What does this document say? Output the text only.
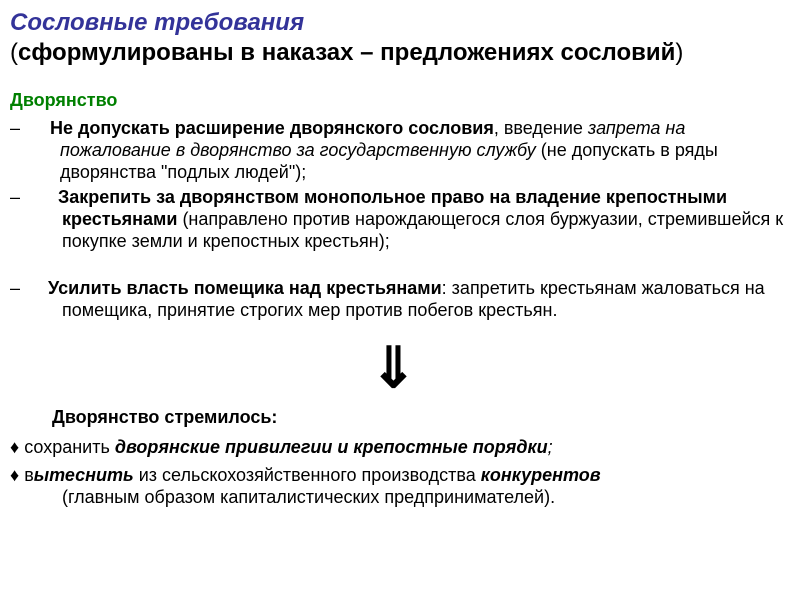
Сословные требования
(сформулированы в наказах – предложениях сословий)
Дворянство
–	Не допускать расширение дворянского сословия, введение запрета на пожалование в дворянство за государственную службу (не допускать в ряды дворянства "подлых людей");
–	Закрепить за дворянством монопольное право на владение крепостными крестьянами (направлено против нарождающегося слоя буржуазии, стремившейся к покупке земли и крепостных крестьян);
–	Усилить власть помещика над крестьянами: запретить крестьянам жаловаться на помещика, принятие строгих мер против побегов крестьян.
⇓
Дворянство стремилось:
♦ сохранить дворянские привилегии и крепостные порядки;
♦ вытеснить из сельскохозяйственного производства конкурентов
(главным образом капиталистических предпринимателей).
